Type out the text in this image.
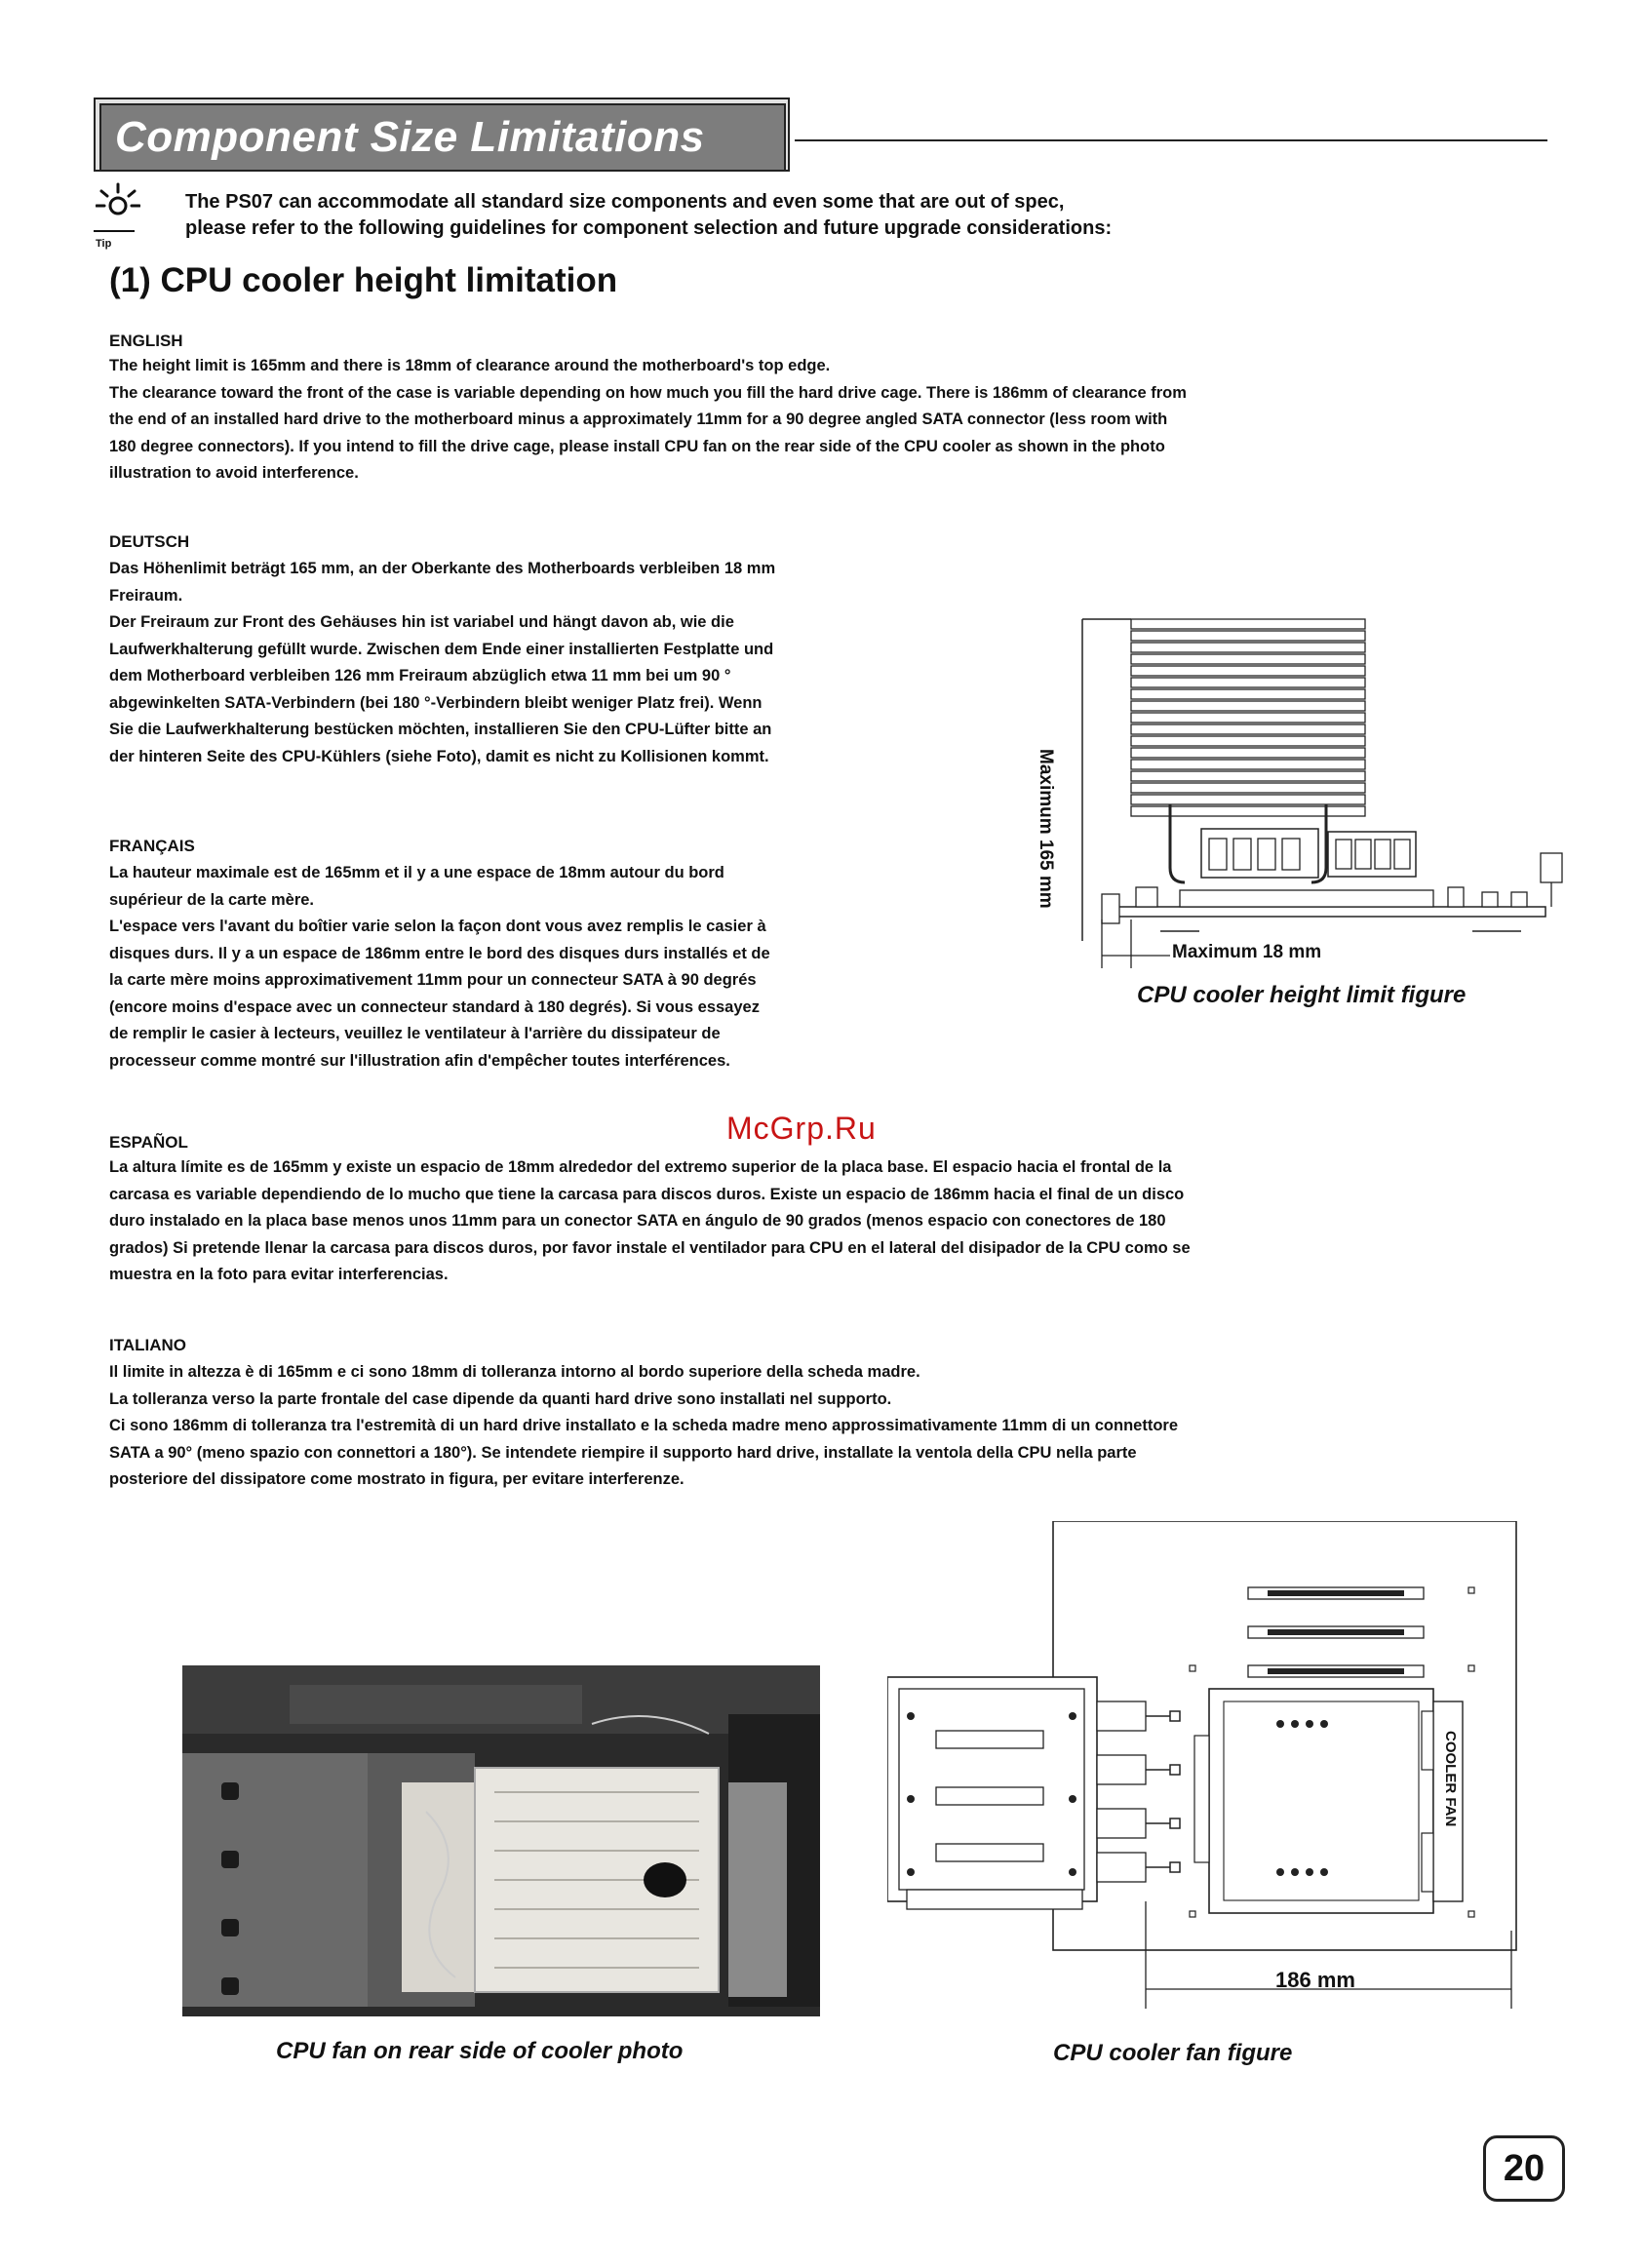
Component Size Limitations
Tip
The PS07 can accommodate all standard size components and even some that are out of spec,
please refer to the following guidelines for component selection and future upgrade considerations:
(1) CPU cooler height limitation
ENGLISH
The height limit is 165mm and there is 18mm of clearance around the motherboard's top edge.
The clearance toward the front of the case is variable depending on how much you fill the hard drive cage. There is 186mm of clearance from
the end of an installed hard drive to the motherboard minus a approximately 11mm for a 90 degree angled SATA connector (less room with
180 degree connectors). If you intend to fill the drive cage, please install CPU fan on the rear side of the CPU cooler as shown in the photo
illustration to avoid interference.
DEUTSCH
Das Höhenlimit beträgt 165 mm, an der Oberkante des Motherboards verbleiben 18 mm
Freiraum.
Der Freiraum zur Front des Gehäuses hin ist variabel und hängt davon ab, wie die
Laufwerkhalterung gefüllt wurde. Zwischen dem Ende einer installierten Festplatte und
dem Motherboard verbleiben 126 mm Freiraum abzüglich etwa 11 mm bei um 90 °
abgewinkelten SATA-Verbindern (bei 180 °-Verbindern bleibt weniger Platz frei). Wenn
Sie die Laufwerkhalterung bestücken möchten, installieren Sie den CPU-Lüfter bitte an
der hinteren Seite des CPU-Kühlers (siehe Foto), damit es nicht zu Kollisionen kommt.
FRANÇAIS
La hauteur maximale est de 165mm et il y a une espace de 18mm autour du bord
supérieur de la carte mère.
L'espace vers l'avant du boîtier varie selon la façon dont vous avez remplis le casier à
disques durs. Il y a un espace de 186mm entre le bord des disques durs installés et de
la carte mère moins approximativement 11mm pour un connecteur SATA à 90 degrés
(encore moins d'espace avec un connecteur standard à 180 degrés). Si vous essayez
de remplir le casier à lecteurs, veuillez le ventilateur à l'arrière du dissipateur de
processeur comme montré sur l'illustration afin d'empêcher toutes interférences.
McGrp.Ru
ESPAÑOL
La altura límite es de 165mm y existe un espacio de 18mm alrededor del extremo superior de la placa base. El espacio hacia el frontal de la
carcasa es variable dependiendo de lo mucho que tiene la carcasa para discos duros. Existe un espacio de 186mm hacia el final de un disco
duro instalado en la placa base menos unos 11mm para un conector SATA en ángulo de 90 grados (menos espacio con conectores de 180
grados) Si pretende llenar la carcasa para discos duros, por favor instale el ventilador para CPU en el lateral del disipador de la CPU como se
muestra en la foto para evitar interferencias.
ITALIANO
Il limite in altezza è di 165mm e ci sono 18mm di tolleranza intorno al bordo superiore della scheda madre.
La tolleranza verso la parte frontale del case dipende da quanti hard drive sono installati nel supporto.
Ci sono 186mm di tolleranza tra l'estremità di un hard drive installato e la scheda madre meno approssimativamente 11mm di un connettore
SATA a 90° (meno spazio con connettori a 180°). Se intendete riempire il supporto hard drive, installate la ventola della CPU nella parte
posteriore del dissipatore come mostrato in figura, per evitare interferenze.
Maximum 165 mm
Maximum 18 mm
CPU cooler height limit figure
CPU fan on rear side of cooler photo
COOLER FAN
186 mm
CPU cooler fan figure
20
